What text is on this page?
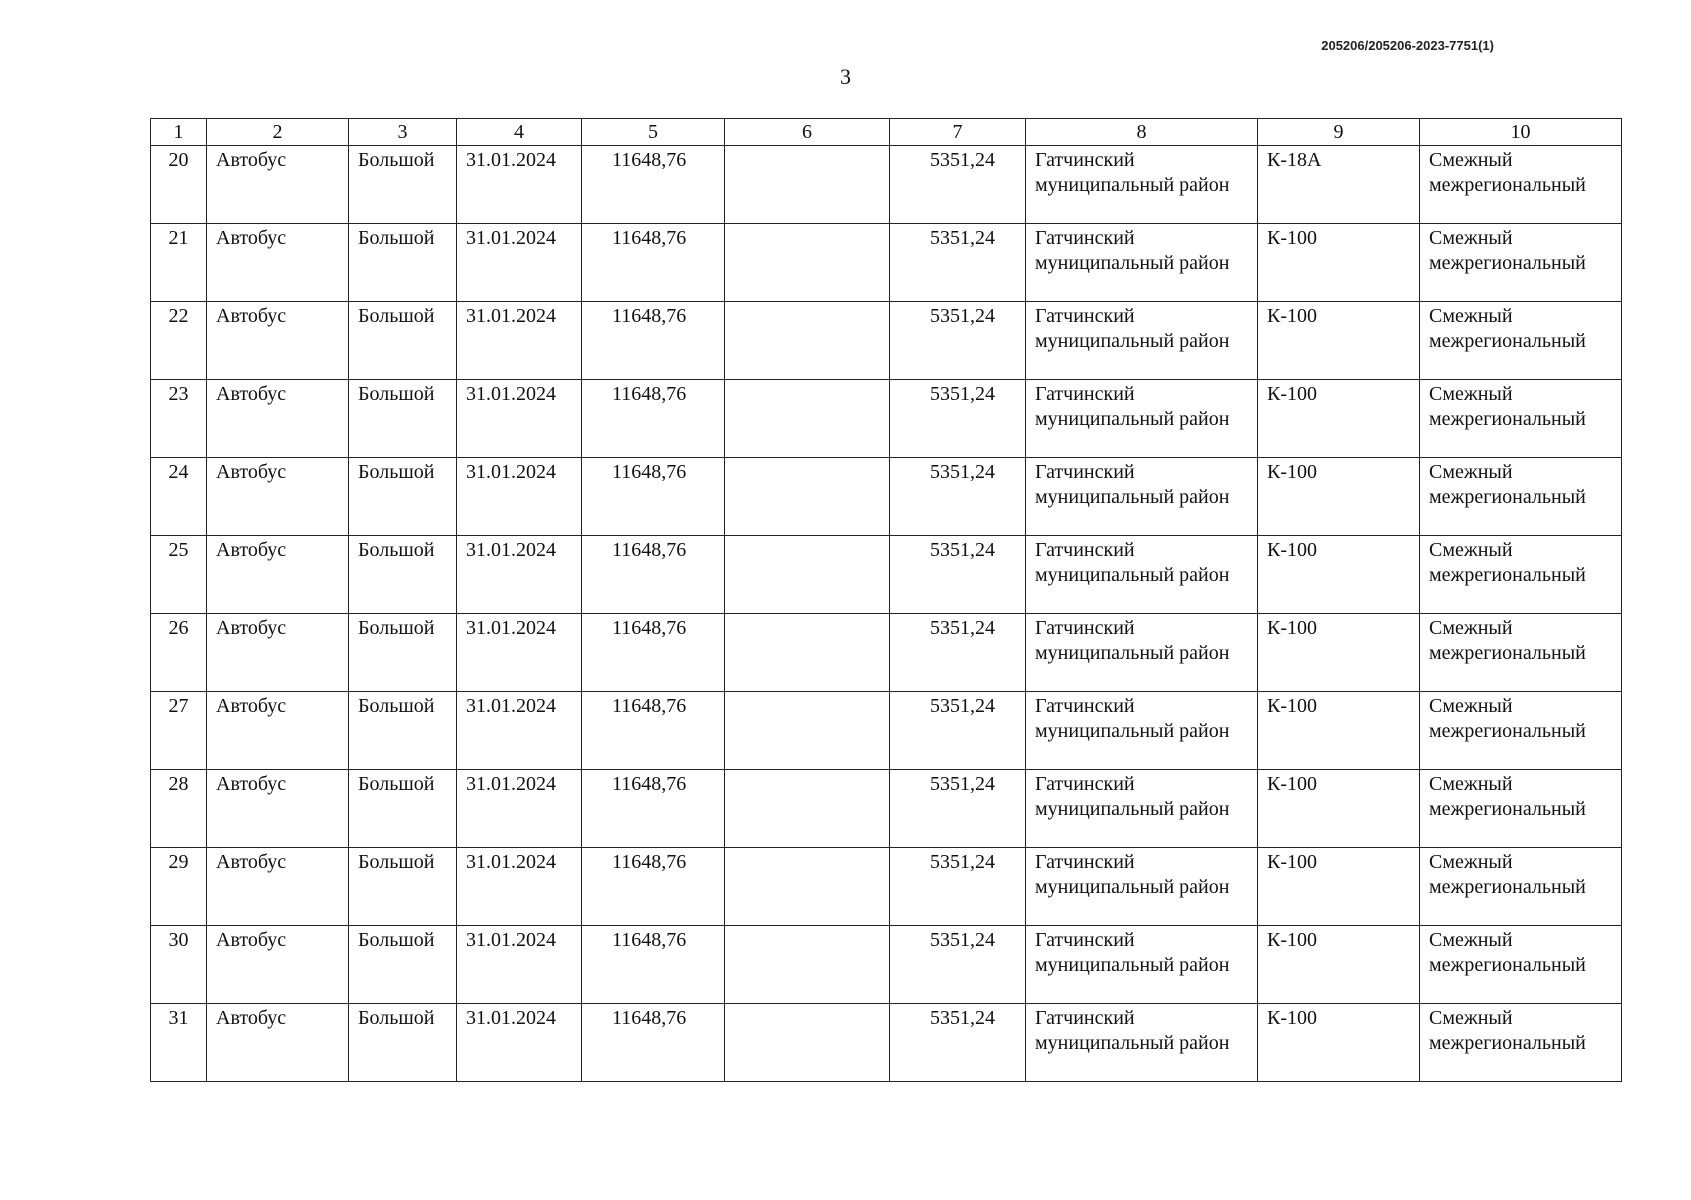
205206/205206-2023-7751(1)
3
1	2	3	4	5	6	7	8	9	10
20	Автобус	Большой	31.01.2024	11648,76		5351,24	Гатчинский муниципальный район	К-18А	Смежный межрегиональный
21	Автобус	Большой	31.01.2024	11648,76		5351,24	Гатчинский муниципальный район	К-100	Смежный межрегиональный
22	Автобус	Большой	31.01.2024	11648,76		5351,24	Гатчинский муниципальный район	К-100	Смежный межрегиональный
23	Автобус	Большой	31.01.2024	11648,76		5351,24	Гатчинский муниципальный район	К-100	Смежный межрегиональный
24	Автобус	Большой	31.01.2024	11648,76		5351,24	Гатчинский муниципальный район	К-100	Смежный межрегиональный
25	Автобус	Большой	31.01.2024	11648,76		5351,24	Гатчинский муниципальный район	К-100	Смежный межрегиональный
26	Автобус	Большой	31.01.2024	11648,76		5351,24	Гатчинский муниципальный район	К-100	Смежный межрегиональный
27	Автобус	Большой	31.01.2024	11648,76		5351,24	Гатчинский муниципальный район	К-100	Смежный межрегиональный
28	Автобус	Большой	31.01.2024	11648,76		5351,24	Гатчинский муниципальный район	К-100	Смежный межрегиональный
29	Автобус	Большой	31.01.2024	11648,76		5351,24	Гатчинский муниципальный район	К-100	Смежный межрегиональный
30	Автобус	Большой	31.01.2024	11648,76		5351,24	Гатчинский муниципальный район	К-100	Смежный межрегиональный
31	Автобус	Большой	31.01.2024	11648,76		5351,24	Гатчинский муниципальный район	К-100	Смежный межрегиональный
